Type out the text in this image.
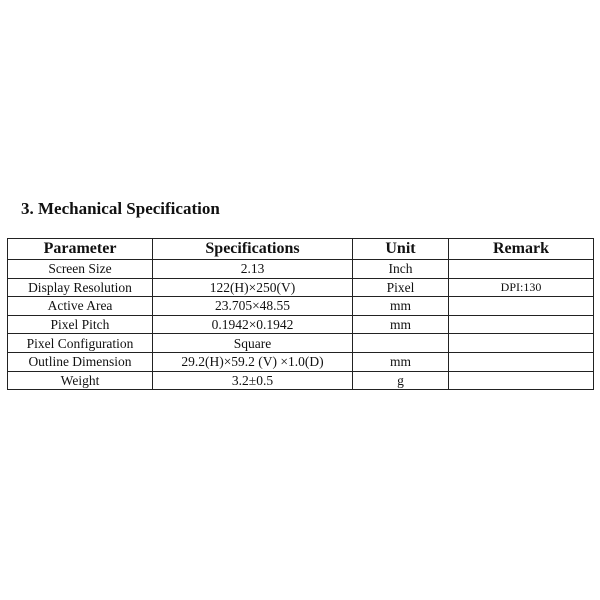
3. Mechanical Specification
Parameter	Specifications	Unit	Remark
Screen Size	2.13	Inch	
Display Resolution	122(H)×250(V)	Pixel	DPI:130
Active Area	23.705×48.55	mm	
Pixel Pitch	0.1942×0.1942	mm	
Pixel Configuration	Square		
Outline Dimension	29.2(H)×59.2 (V) ×1.0(D)	mm	
Weight	3.2±0.5	g	
